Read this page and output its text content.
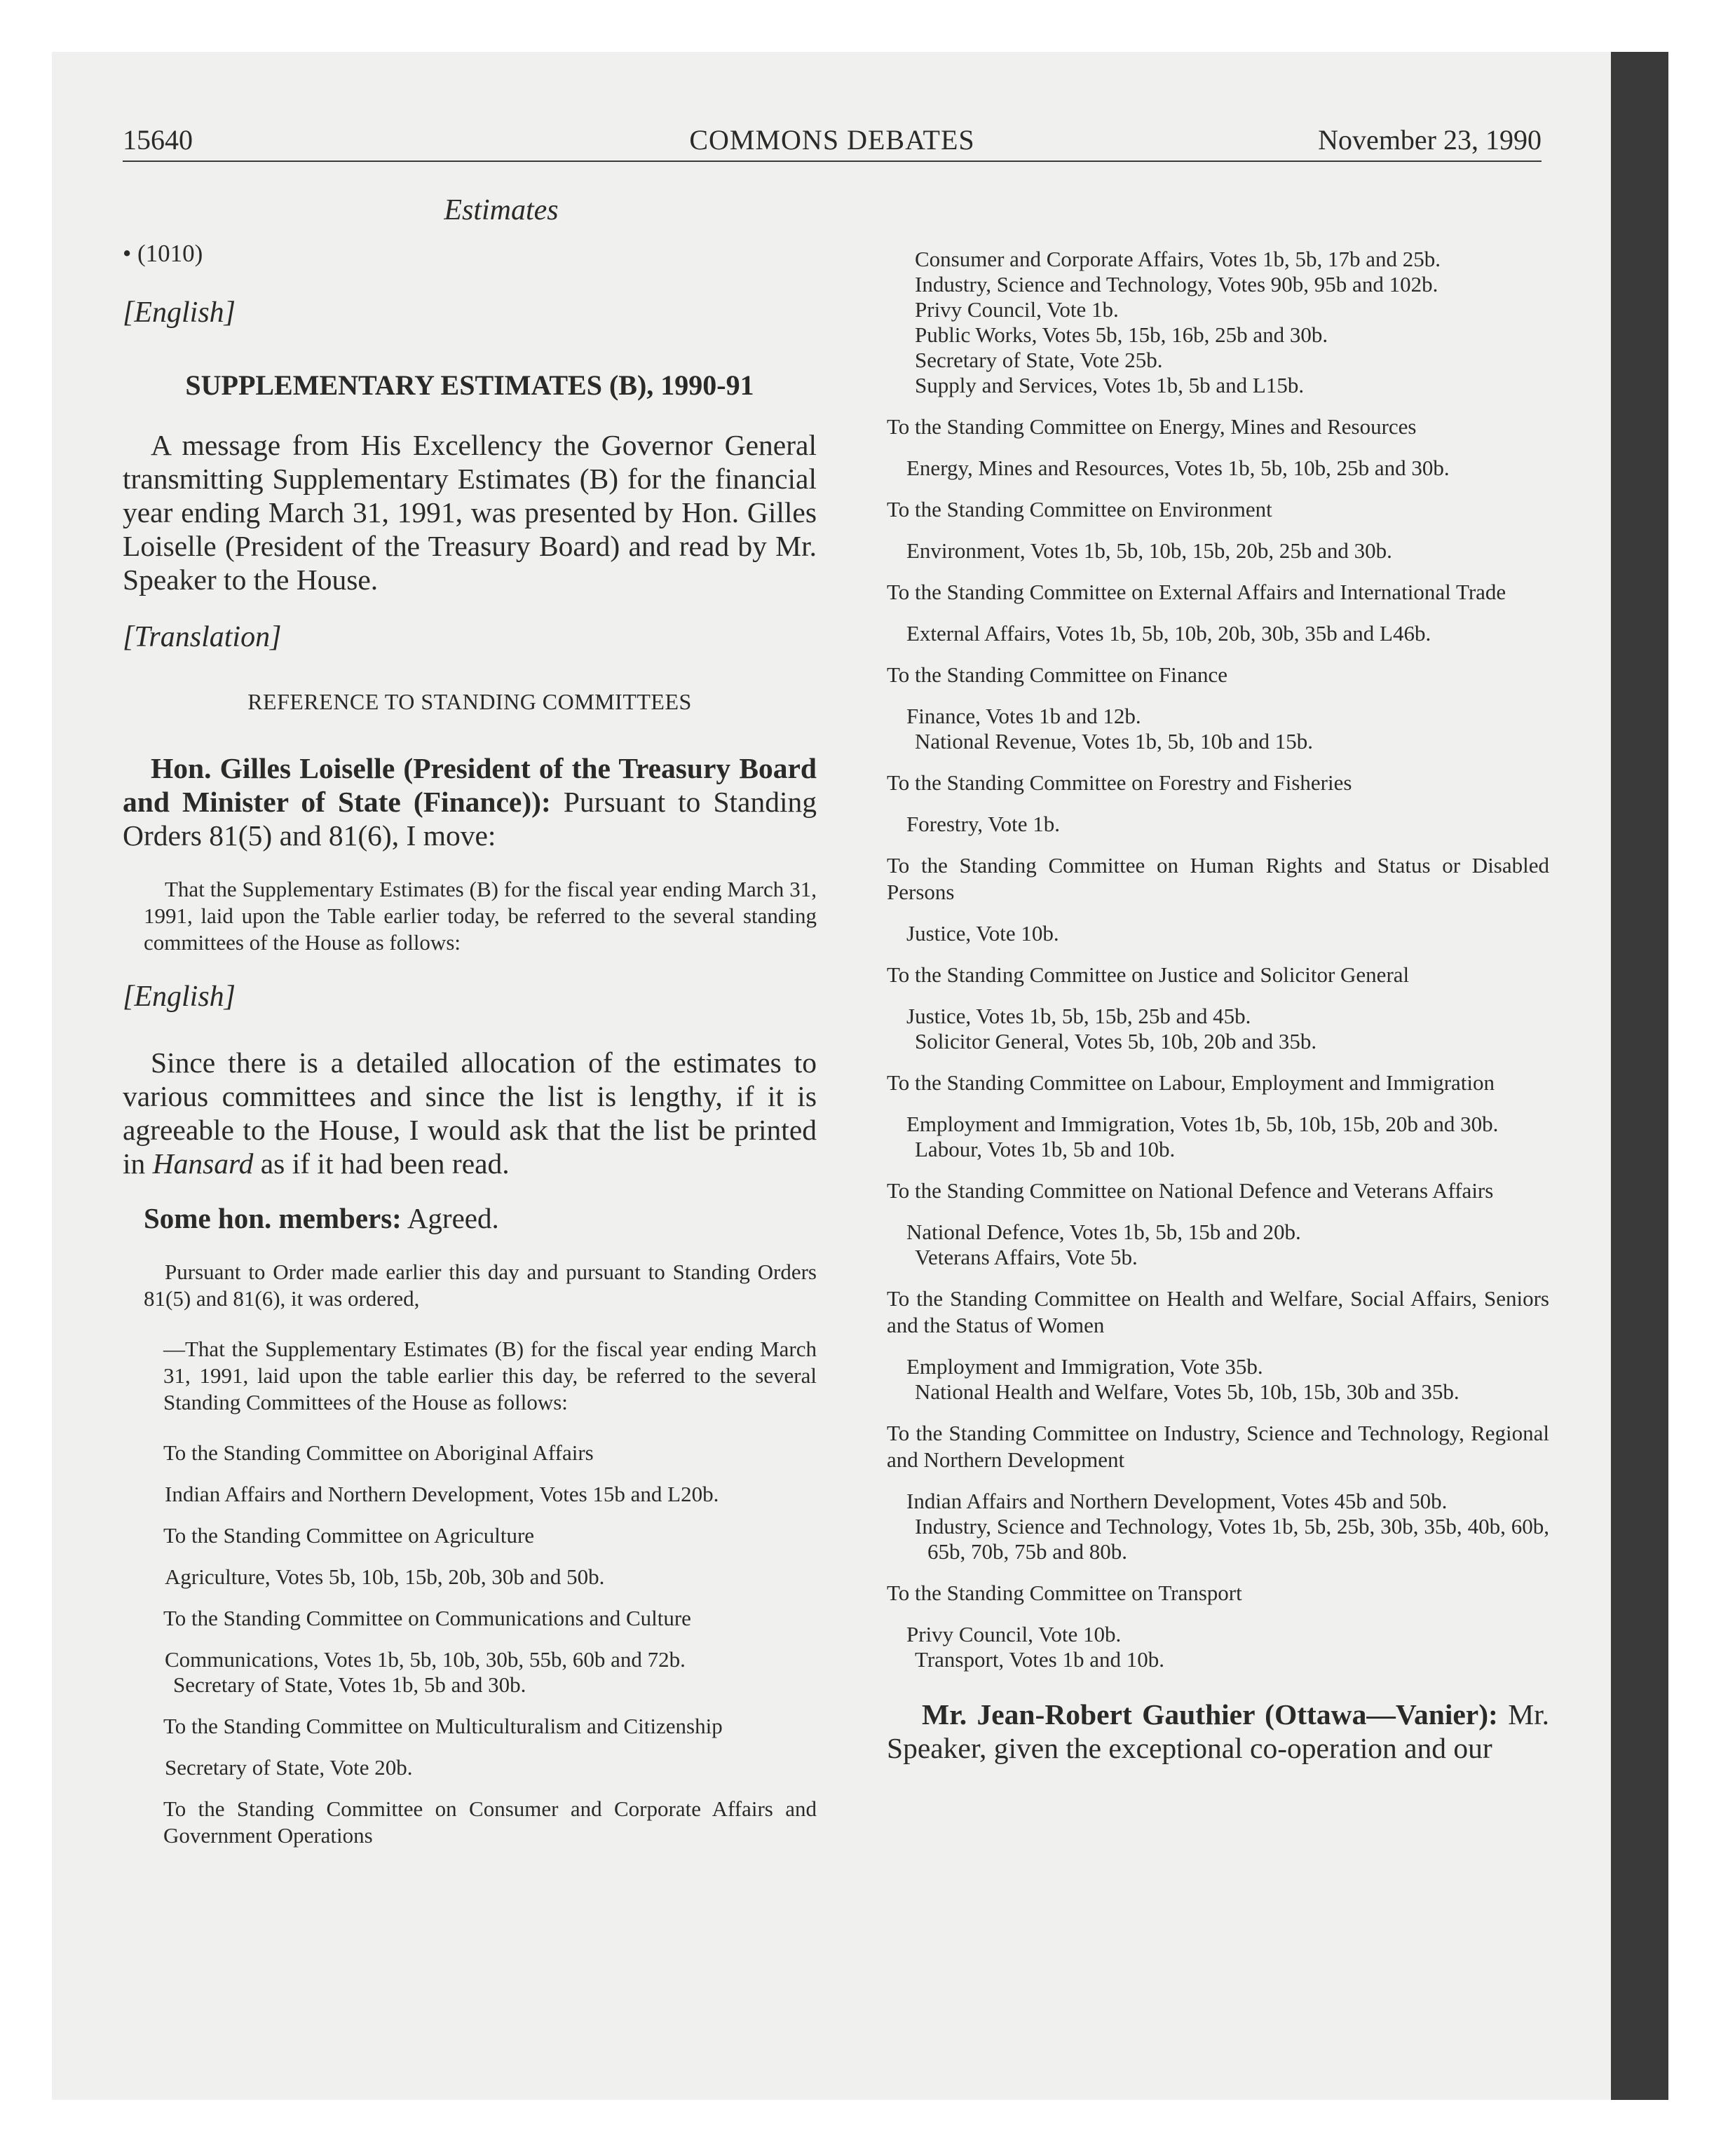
15640	COMMONS DEBATES	November 23, 1990
Estimates
• (1010)
[English]
SUPPLEMENTARY ESTIMATES (B), 1990-91

A message from His Excellency the Governor General transmitting Supplementary Estimates (B) for the financial year ending March 31, 1991, was presented by Hon. Gilles Loiselle (President of the Treasury Board) and read by Mr. Speaker to the House.

[Translation]
REFERENCE TO STANDING COMMITTEES

Hon. Gilles Loiselle (President of the Treasury Board and Minister of State (Finance)): Pursuant to Standing Orders 81(5) and 81(6), I move:

That the Supplementary Estimates (B) for the fiscal year ending March 31, 1991, laid upon the Table earlier today, be referred to the several standing committees of the House as follows:

[English]

Since there is a detailed allocation of the estimates to various committees and since the list is lengthy, if it is agreeable to the House, I would ask that the list be printed in Hansard as if it had been read.

Some hon. members: Agreed.

Pursuant to Order made earlier this day and pursuant to Standing Orders 81(5) and 81(6), it was ordered,

—That the Supplementary Estimates (B) for the fiscal year ending March 31, 1991, laid upon the table earlier this day, be referred to the several Standing Committees of the House as follows:

To the Standing Committee on Aboriginal Affairs

Indian Affairs and Northern Development, Votes 15b and L20b.

To the Standing Committee on Agriculture

Agriculture, Votes 5b, 10b, 15b, 20b, 30b and 50b.

To the Standing Committee on Communications and Culture

Communications, Votes 1b, 5b, 10b, 30b, 55b, 60b and 72b.

Secretary of State, Votes 1b, 5b and 30b.

To the Standing Committee on Multiculturalism and Citizenship

Secretary of State, Vote 20b.

To the Standing Committee on Consumer and Corporate Affairs and Government Operations

Consumer and Corporate Affairs, Votes 1b, 5b, 17b and 25b.

Industry, Science and Technology, Votes 90b, 95b and 102b.

Privy Council, Vote 1b.

Public Works, Votes 5b, 15b, 16b, 25b and 30b.

Secretary of State, Vote 25b.

Supply and Services, Votes 1b, 5b and L15b.

To the Standing Committee on Energy, Mines and Resources

Energy, Mines and Resources, Votes 1b, 5b, 10b, 25b and 30b.

To the Standing Committee on Environment

Environment, Votes 1b, 5b, 10b, 15b, 20b, 25b and 30b.

To the Standing Committee on External Affairs and International Trade

External Affairs, Votes 1b, 5b, 10b, 20b, 30b, 35b and L46b.

To the Standing Committee on Finance

Finance, Votes 1b and 12b.

National Revenue, Votes 1b, 5b, 10b and 15b.

To the Standing Committee on Forestry and Fisheries

Forestry, Vote 1b.

To the Standing Committee on Human Rights and Status or Disabled Persons

Justice, Vote 10b.

To the Standing Committee on Justice and Solicitor General

Justice, Votes 1b, 5b, 15b, 25b and 45b.

Solicitor General, Votes 5b, 10b, 20b and 35b.

To the Standing Committee on Labour, Employment and Immigration

Employment and Immigration, Votes 1b, 5b, 10b, 15b, 20b and 30b.

Labour, Votes 1b, 5b and 10b.

To the Standing Committee on National Defence and Veterans Affairs

National Defence, Votes 1b, 5b, 15b and 20b.

Veterans Affairs, Vote 5b.

To the Standing Committee on Health and Welfare, Social Affairs, Seniors and the Status of Women

Employment and Immigration, Vote 35b.

National Health and Welfare, Votes 5b, 10b, 15b, 30b and 35b.

To the Standing Committee on Industry, Science and Technology, Regional and Northern Development

Indian Affairs and Northern Development, Votes 45b and 50b.

Industry, Science and Technology, Votes 1b, 5b, 25b, 30b, 35b, 40b, 60b, 65b, 70b, 75b and 80b.

To the Standing Committee on Transport

Privy Council, Vote 10b.

Transport, Votes 1b and 10b.

Mr. Jean-Robert Gauthier (Ottawa—Vanier): Mr. Speaker, given the exceptional co-operation and our
